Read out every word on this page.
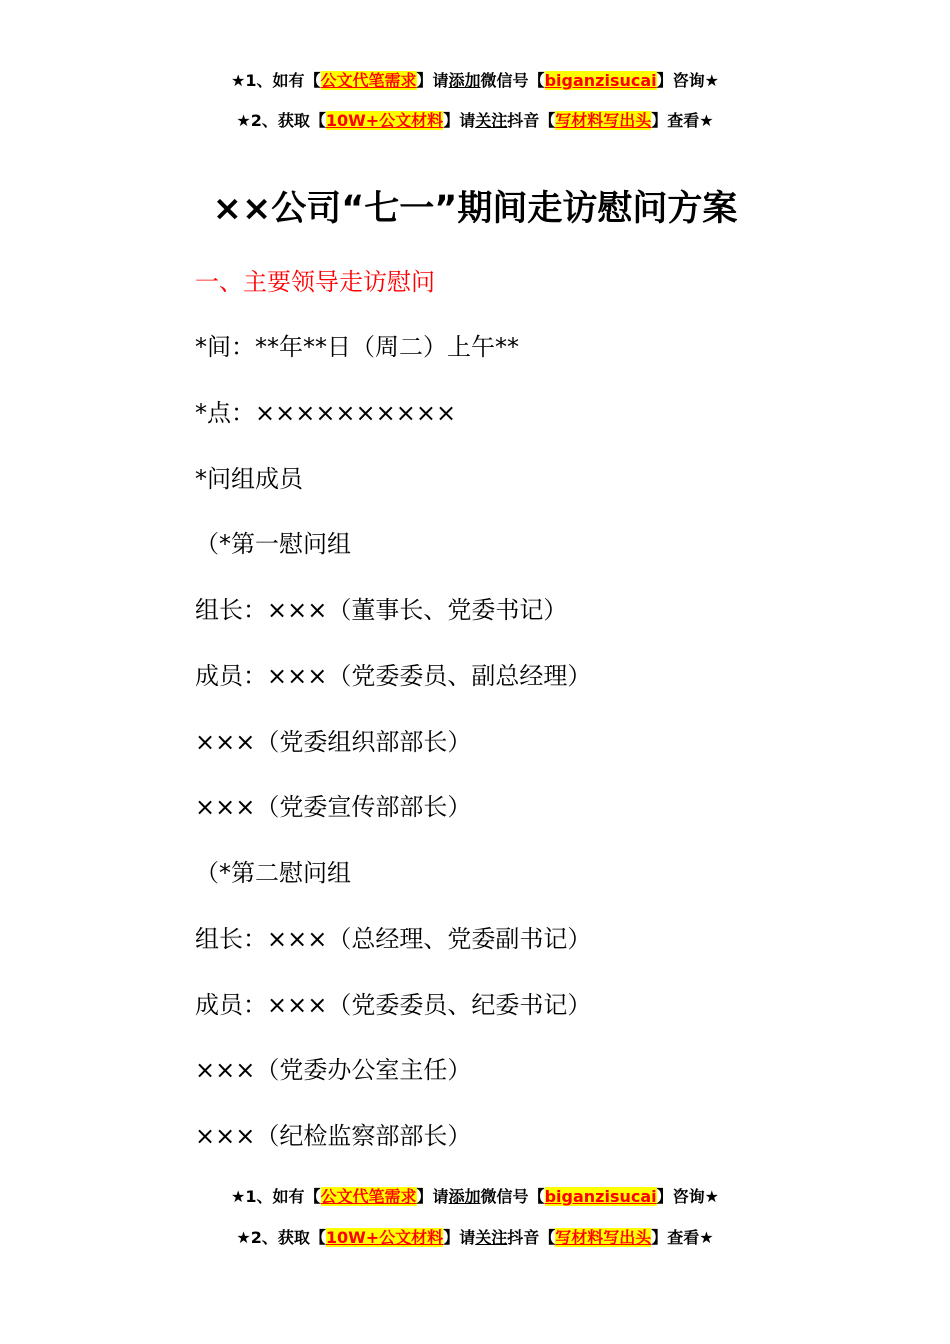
★1、如有【公文代笔需求】请添加微信号【biganzisucai】咨询★
★2、获取【10W+公文材料】请关注抖音【写材料写出头】查看★
××公司“七一”期间走访慰问方案
一、主要领导走访慰问
*间：**年**日（周二）上午**
*点：××××××××××
*问组成员
（*第一慰问组
组长：×××（董事长、党委书记）
成员：×××（党委委员、副总经理）
×××（党委组织部部长）
×××（党委宣传部部长）
（*第二慰问组
组长：×××（总经理、党委副书记）
成员：×××（党委委员、纪委书记）
×××（党委办公室主任）
×××（纪检监察部部长）
★1、如有【公文代笔需求】请添加微信号【biganzisucai】咨询★
★2、获取【10W+公文材料】请关注抖音【写材料写出头】查看★
